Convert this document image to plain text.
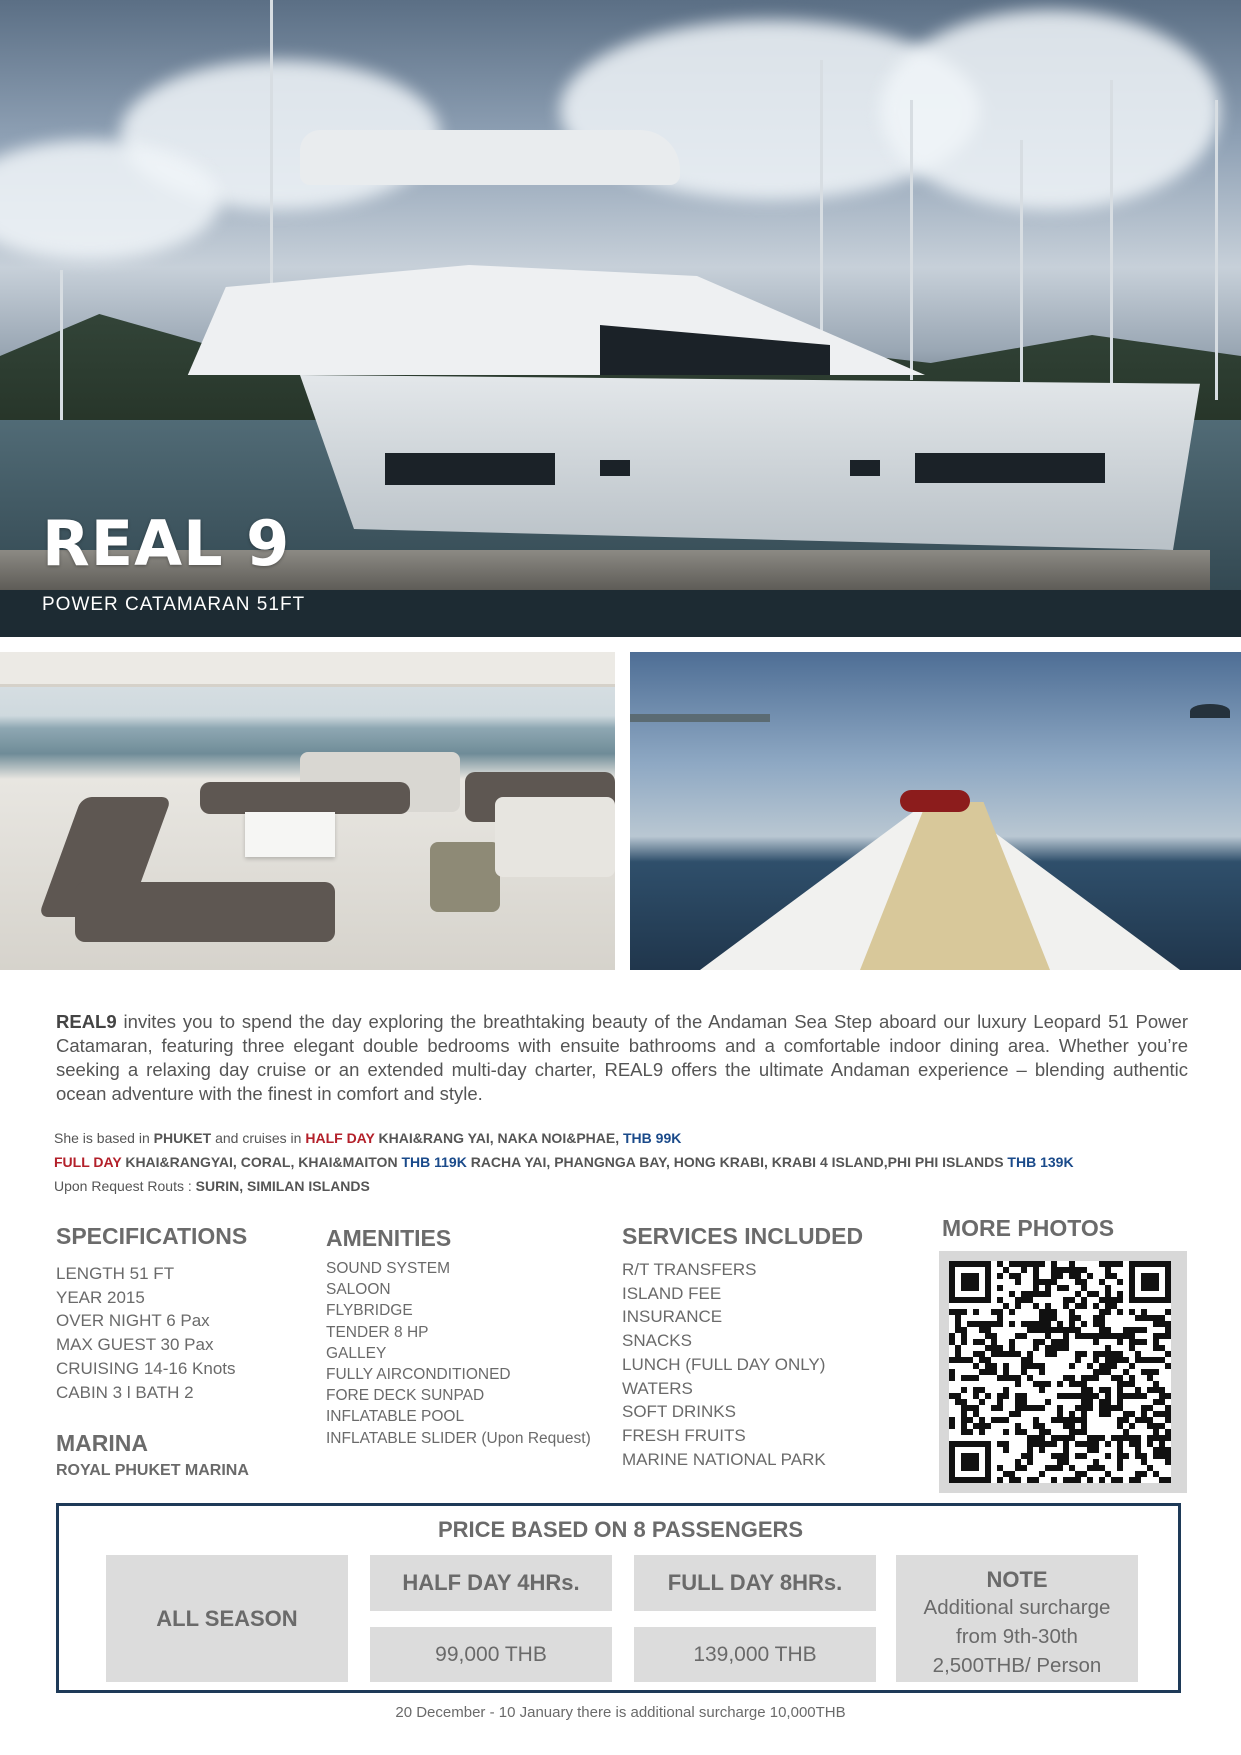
REAL 9
POWER CATAMARAN 51FT

REAL9 invites you to spend the day exploring the breathtaking beauty of the Andaman Sea Step aboard our luxury Leopard 51 Power Catamaran, featuring three elegant double bedrooms with ensuite bathrooms and a comfortable indoor dining area. Whether you’re seeking a relaxing day cruise or an extended multi-day charter, REAL9 offers the ultimate Andaman experience – blending authentic ocean adventure with the finest in comfort and style.

She is based in PHUKET and cruises in HALF DAY KHAI&RANG YAI, NAKA NOI&PHAE, THB 99K
FULL DAY KHAI&RANGYAI, CORAL, KHAI&MAITON THB 119K RACHA YAI, PHANGNGA BAY, HONG KRABI, KRABI 4 ISLAND,PHI PHI ISLANDS THB 139K
Upon Request Routs : SURIN, SIMILAN ISLANDS
SPECIFICATIONS
LENGTH 51 FT
YEAR 2015
OVER NIGHT 6 Pax
MAX GUEST 30 Pax
CRUISING 14-16 Knots
CABIN 3 l BATH 2
MARINA
ROYAL PHUKET MARINA
AMENITIES
SOUND SYSTEM
SALOON
FLYBRIDGE
TENDER 8 HP
GALLEY
FULLY AIRCONDITIONED
FORE DECK SUNPAD
INFLATABLE POOL
INFLATABLE SLIDER (Upon Request)
SERVICES INCLUDED
R/T TRANSFERS
ISLAND FEE
INSURANCE
SNACKS
LUNCH (FULL DAY ONLY)
WATERS
SOFT DRINKS
FRESH FRUITS
MARINE NATIONAL PARK
MORE PHOTOS
PRICE BASED ON 8 PASSENGERS
ALL SEASON
HALF DAY 4HRs.
99,000 THB
FULL DAY 8HRs.
139,000 THB
NOTE
Additional surcharge
from 9th-30th
2,500THB/ Person
20 December - 10 January there is additional surcharge 10,000THB
